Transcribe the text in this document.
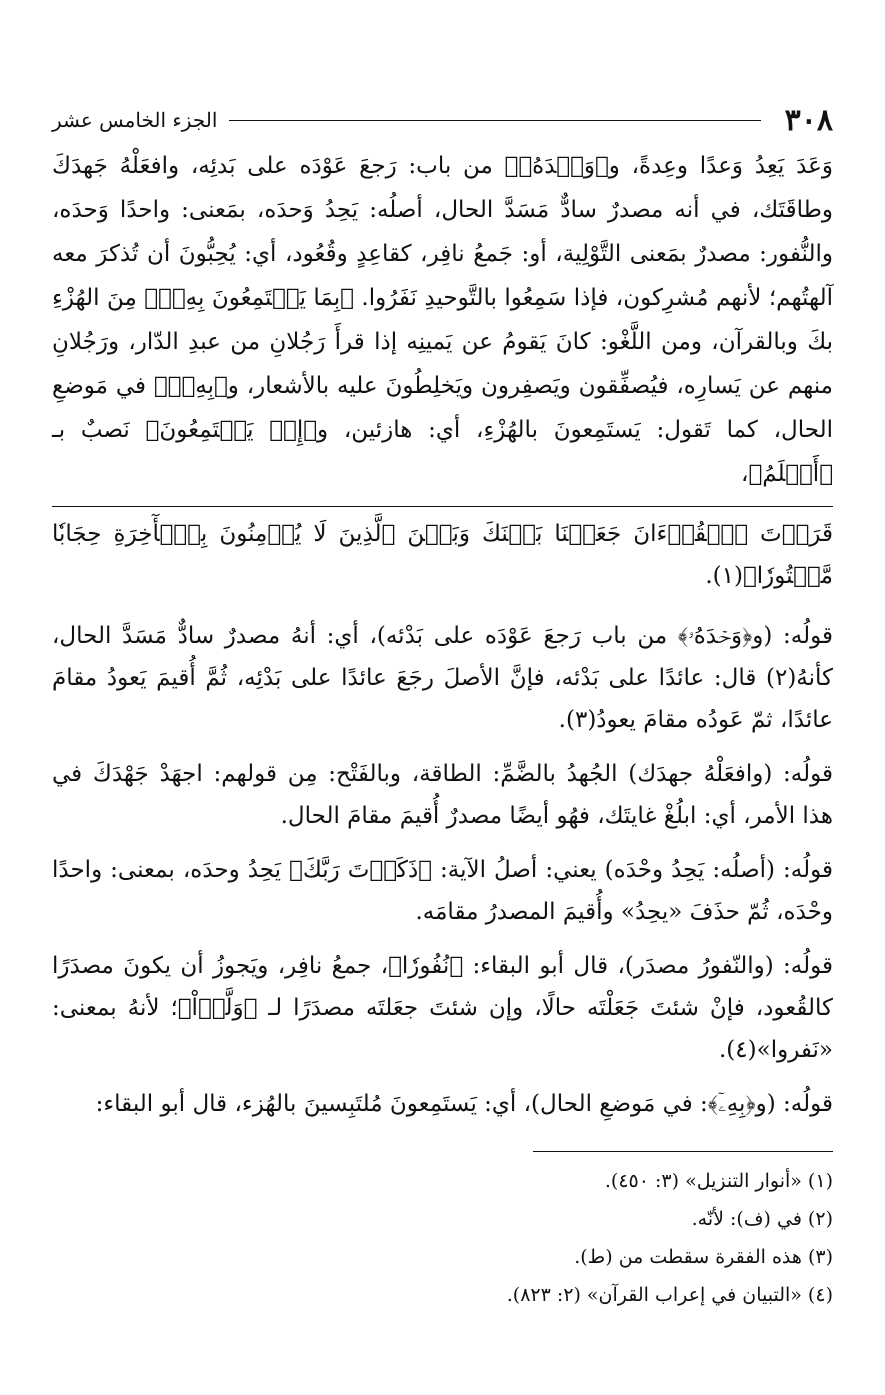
٣٠٨
الجزء الخامس عشر

وَعَدَ يَعِدُ وَعدًا وعِدةً، و﴿وَحۡدَهُۥ﴾ من باب: رَجعَ عَوْدَه على بَدئِه، وافعَلْهُ جَهدَكَ وطاقَتَك، في أنه مصدرٌ سادٌّ مَسَدَّ الحال، أصلُه: يَحِدُ وَحدَه، بمَعنى: واحدًا وَحدَه، والنُّفور: مصدرٌ بمَعنى التَّوْلِية، أو: جَمعُ نافِر، كقاعِدٍ وقُعُود، أي: يُحِبُّونَ أن تُذكرَ معه آلهتُهم؛ لأنهم مُشرِكون، فإذا سَمِعُوا بالتَّوحيدِ نَفَرُوا. ﴿بِمَا يَسۡتَمِعُونَ بِهِۦٓ﴾ مِنَ الهُزْءِ بكَ وبالقرآن، ومن اللَّغْو: كانَ يَقومُ عن يَمينِه إذا قرأَ رَجُلانِ من عبدِ الدّار، ورَجُلانِ منهم عن يَسارِه، فيُصفِّقون ويَصفِرون ويَخلِطُونَ عليه بالأشعار، و﴿بِهِۦٓ﴾ في مَوضعِ الحال، كما تَقول: يَستَمِعونَ بالهُزْءِ، أي: هازئين، و﴿إِذۡ يَسۡتَمِعُونَ﴾ نَصبٌ بـ ﴿أَعۡلَمُ﴾،

قَرَأۡتَ ٱلۡقُرۡءَانَ جَعَلۡنَا بَيۡنَكَ وَبَيۡنَ ٱلَّذِينَ لَا يُؤۡمِنُونَ بِٱلۡأٓخِرَةِ حِجَابٗا مَّسۡتُورٗا﴾(١).

قولُه: (و﴿وَحۡدَهُۥ﴾ من باب رَجعَ عَوْدَه على بَدْئه)، أي: أنهُ مصدرٌ سادٌّ مَسَدَّ الحال، كأنهُ(٢) قال: عائدًا على بَدْئه، فإنَّ الأصلَ رجَعَ عائدًا على بَدْئِه، ثُمَّ أُقيمَ يَعودُ مقامَ عائدًا، ثمّ عَودُه مقامَ يعودُ(٣).

قولُه: (وافعَلْهُ جهدَك) الجُهدُ بالضَّمِّ: الطاقة، وبالفَتْح: مِن قولهم: اجهَدْ جَهْدَكَ في هذا الأمر، أي: ابلُغْ غايتَك، فهُو أيضًا مصدرٌ أُقيمَ مقامَ الحال.

قولُه: (أصلُه: يَحِدُ وحْدَه) يعني: أصلُ الآية: ﴿ذَكَرۡتَ رَبَّكَ﴾ يَحِدُ وحدَه، بمعنى: واحدًا وحْدَه، ثُمّ حذَفَ «يحِدُ» وأُقيمَ المصدرُ مقامَه.

قولُه: (والنّفورُ مصدَر)، قال أبو البقاء: ﴿نُفُورٗا﴾، جمعُ نافِر، ويَجوزُ أن يكونَ مصدَرًا كالقُعود، فإنْ شئتَ جَعَلْتَه حالًا، وإن شئتَ جعَلتَه مصدَرًا لـ ﴿وَلَّوۡاْ﴾؛ لأنهُ بمعنى: «نَفروا»(٤).

قولُه: (و﴿بِهِۦٓ﴾: في مَوضعِ الحال)، أي: يَستَمِعونَ مُلتَبِسينَ بالهُزء، قال أبو البقاء:

(١) «أنوار التنزيل» (٣: ٤٥٠).
(٢) في (ف): لأنّه.
(٣) هذه الفقرة سقطت من (ط).
(٤) «التبيان في إعراب القرآن» (٢: ٨٢٣).
